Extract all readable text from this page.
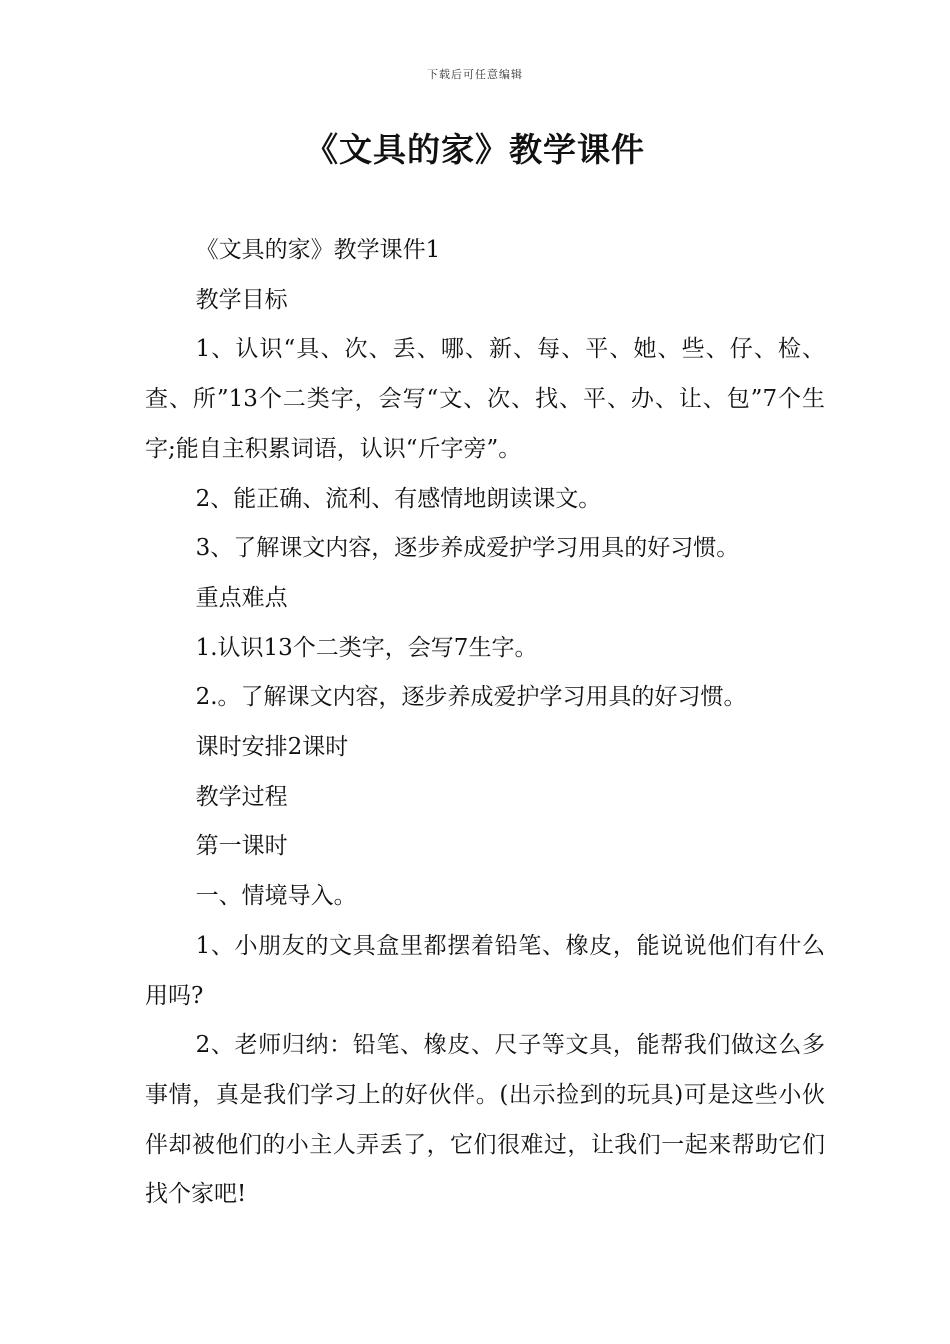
下载后可任意编辑
《文具的家》教学课件

《文具的家》教学课件1

教学目标

1、认识“具、次、丢、哪、新、每、平、她、些、仔、检、查、所”13个二类字，会写“文、次、找、平、办、让、包”7个生字;能自主积累词语，认识“斤字旁”。

2、能正确、流利、有感情地朗读课文。

3、了解课文内容，逐步养成爱护学习用具的好习惯。

重点难点

1.认识13个二类字，会写7生字。

2.。了解课文内容，逐步养成爱护学习用具的好习惯。

课时安排2课时

教学过程

第一课时

一、情境导入。

1、小朋友的文具盒里都摆着铅笔、橡皮，能说说他们有什么用吗?

2、老师归纳：铅笔、橡皮、尺子等文具，能帮我们做这么多事情，真是我们学习上的好伙伴。(出示捡到的玩具)可是这些小伙伴却被他们的小主人弄丢了，它们很难过，让我们一起来帮助它们找个家吧!
